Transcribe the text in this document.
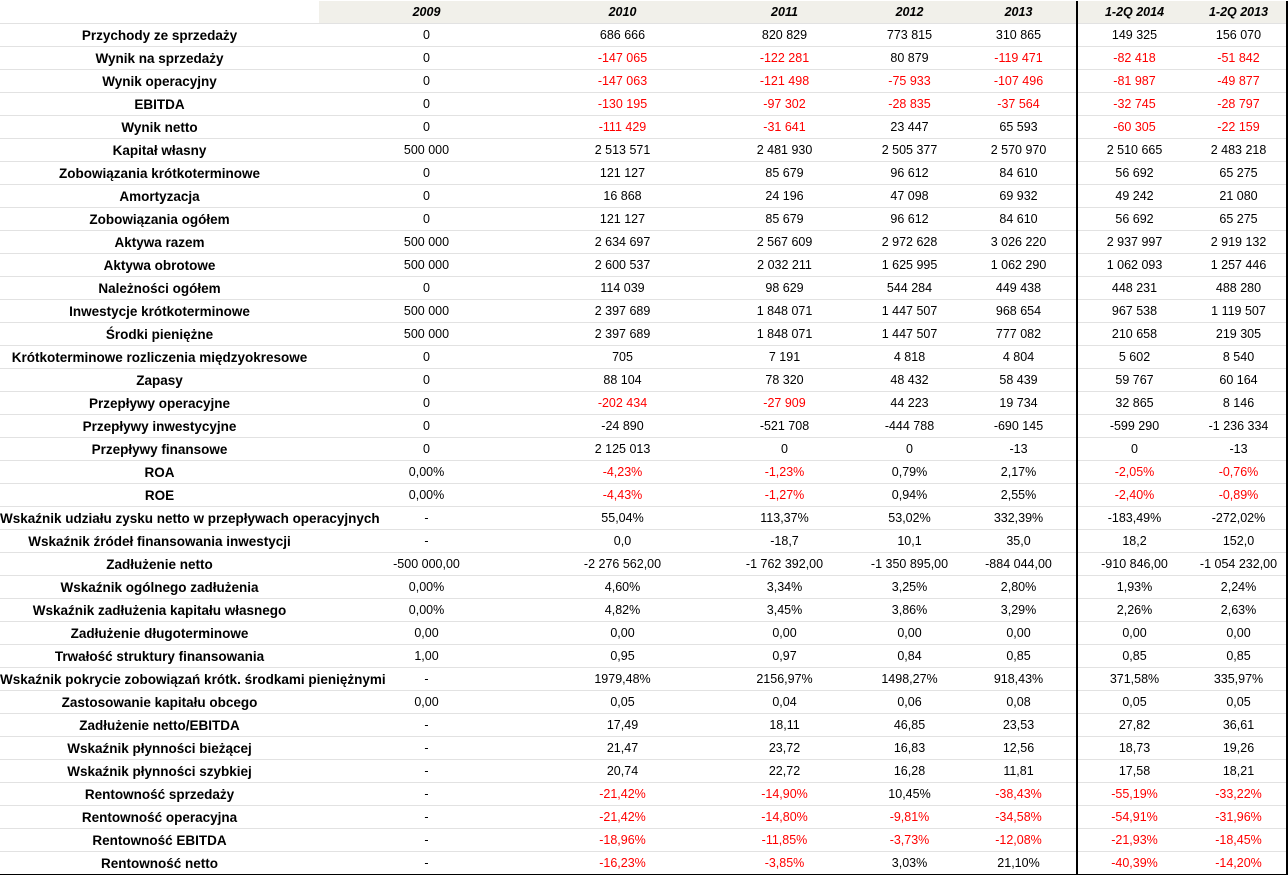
	2009	2010	2011	2012	2013	1-2Q 2014	1-2Q 2013
Przychody ze sprzedaży	0	686 666	820 829	773 815	310 865	149 325	156 070
Wynik na sprzedaży	0	-147 065	-122 281	80 879	-119 471	-82 418	-51 842
Wynik operacyjny	0	-147 063	-121 498	-75 933	-107 496	-81 987	-49 877
EBITDA	0	-130 195	-97 302	-28 835	-37 564	-32 745	-28 797
Wynik netto	0	-111 429	-31 641	23 447	65 593	-60 305	-22 159
Kapitał własny	500 000	2 513 571	2 481 930	2 505 377	2 570 970	2 510 665	2 483 218
Zobowiązania krótkoterminowe	0	121 127	85 679	96 612	84 610	56 692	65 275
Amortyzacja	0	16 868	24 196	47 098	69 932	49 242	21 080
Zobowiązania ogółem	0	121 127	85 679	96 612	84 610	56 692	65 275
Aktywa razem	500 000	2 634 697	2 567 609	2 972 628	3 026 220	2 937 997	2 919 132
Aktywa obrotowe	500 000	2 600 537	2 032 211	1 625 995	1 062 290	1 062 093	1 257 446
Należności ogółem	0	114 039	98 629	544 284	449 438	448 231	488 280
Inwestycje krótkoterminowe	500 000	2 397 689	1 848 071	1 447 507	968 654	967 538	1 119 507
Środki pieniężne	500 000	2 397 689	1 848 071	1 447 507	777 082	210 658	219 305
Krótkoterminowe rozliczenia międzyokresowe	0	705	7 191	4 818	4 804	5 602	8 540
Zapasy	0	88 104	78 320	48 432	58 439	59 767	60 164
Przepływy operacyjne	0	-202 434	-27 909	44 223	19 734	32 865	8 146
Przepływy inwestycyjne	0	-24 890	-521 708	-444 788	-690 145	-599 290	-1 236 334
Przepływy finansowe	0	2 125 013	0	0	-13	0	-13
ROA	0,00%	-4,23%	-1,23%	0,79%	2,17%	-2,05%	-0,76%
ROE	0,00%	-4,43%	-1,27%	0,94%	2,55%	-2,40%	-0,89%
Wskaźnik udziału zysku netto w przepływach operacyjnych	-	55,04%	113,37%	53,02%	332,39%	-183,49%	-272,02%
Wskaźnik źródeł finansowania inwestycji	-	0,0	-18,7	10,1	35,0	18,2	152,0
Zadłużenie netto	-500 000,00	-2 276 562,00	-1 762 392,00	-1 350 895,00	-884 044,00	-910 846,00	-1 054 232,00
Wskaźnik ogólnego zadłużenia	0,00%	4,60%	3,34%	3,25%	2,80%	1,93%	2,24%
Wskaźnik zadłużenia kapitału własnego	0,00%	4,82%	3,45%	3,86%	3,29%	2,26%	2,63%
Zadłużenie długoterminowe	0,00	0,00	0,00	0,00	0,00	0,00	0,00
Trwałość struktury finansowania	1,00	0,95	0,97	0,84	0,85	0,85	0,85
Wskaźnik pokrycie zobowiązań krótk. środkami pieniężnymi	-	1979,48%	2156,97%	1498,27%	918,43%	371,58%	335,97%
Zastosowanie kapitału obcego	0,00	0,05	0,04	0,06	0,08	0,05	0,05
Zadłużenie netto/EBITDA	-	17,49	18,11	46,85	23,53	27,82	36,61
Wskaźnik płynności bieżącej	-	21,47	23,72	16,83	12,56	18,73	19,26
Wskaźnik płynności szybkiej	-	20,74	22,72	16,28	11,81	17,58	18,21
Rentowność sprzedaży	-	-21,42%	-14,90%	10,45%	-38,43%	-55,19%	-33,22%
Rentowność operacyjna	-	-21,42%	-14,80%	-9,81%	-34,58%	-54,91%	-31,96%
Rentowność EBITDA	-	-18,96%	-11,85%	-3,73%	-12,08%	-21,93%	-18,45%
Rentowność netto	-	-16,23%	-3,85%	3,03%	21,10%	-40,39%	-14,20%
